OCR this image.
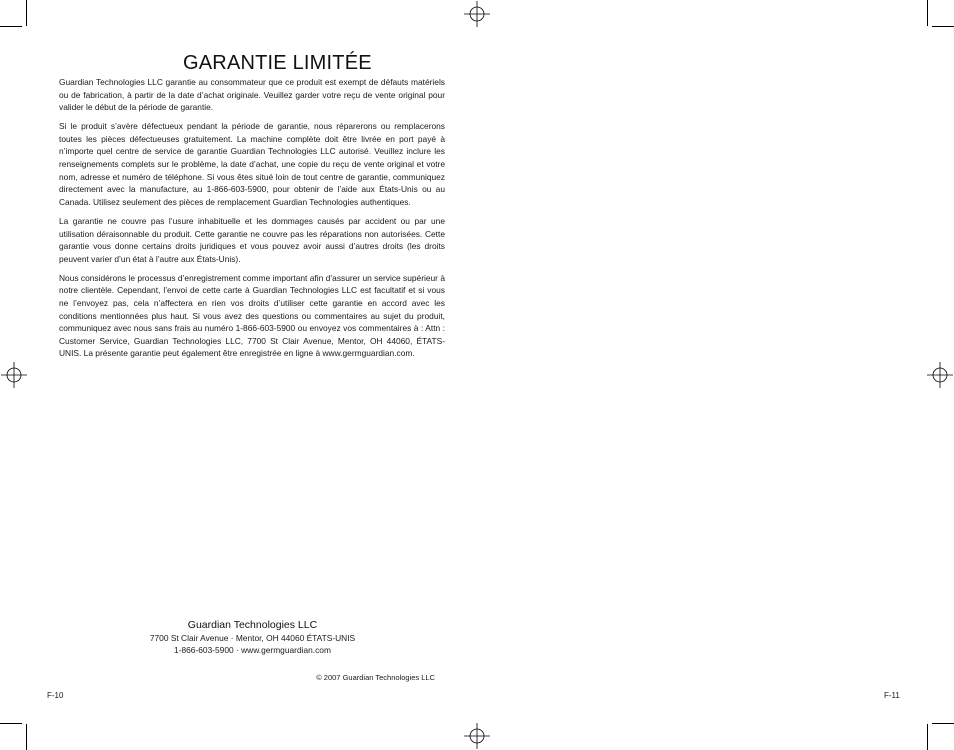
GARANTIE LIMITÉE

Guardian Technologies LLC garantie au consommateur que ce produit est exempt de défauts matériels ou de fabrication, à partir de la date d’achat originale. Veuillez garder votre reçu de vente original pour valider le début de la période de garantie.

Si le produit s’avère défectueux pendant la période de garantie, nous réparerons ou remplacerons toutes les pièces défectueuses gratuitement. La machine complète doit être livrée en port payé à n’importe quel centre de service de garantie Guardian Technologies LLC autorisé. Veuillez inclure les renseignements complets sur le problème, la date d’achat, une copie du reçu de vente original et votre nom, adresse et numéro de téléphone. Si vous êtes situé loin de tout centre de garantie, communiquez directement avec la manufacture, au 1-866-603-5900, pour obtenir de l’aide aux États-Unis ou au Canada. Utilisez seulement des pièces de remplacement Guardian Technologies authentiques.

La garantie ne couvre pas l’usure inhabituelle et les dommages causés par accident ou par une utilisation déraisonnable du produit. Cette garantie ne couvre pas les réparations non autorisées. Cette garantie vous donne certains droits juridiques et vous pouvez avoir aussi d’autres droits (les droits peuvent varier d’un état à l’autre aux États-Unis).

Nous considérons le processus d’enregistrement comme important afin d’assurer un service supérieur à notre clientèle. Cependant, l’envoi de cette carte à Guardian Technologies LLC est facultatif et si vous ne l’envoyez pas, cela n’affectera en rien vos droits d’utiliser cette garantie en accord avec les conditions mentionnées plus haut. Si vous avez des questions ou commentaires au sujet du produit, communiquez avec nous sans frais au numéro 1-866-603-5900 ou envoyez vos commentaires à : Attn : Customer Service, Guardian Technologies LLC, 7700 St Clair Avenue, Mentor, OH 44060, ÉTATS-UNIS. La présente garantie peut également être enregistrée en ligne à www.germguardian.com.

Guardian Technologies LLC
7700 St Clair Avenue · Mentor, OH 44060 ÉTATS-UNIS
1-866-603-5900 · www.germguardian.com
© 2007 Guardian Technologies LLC
F-10	F-11
